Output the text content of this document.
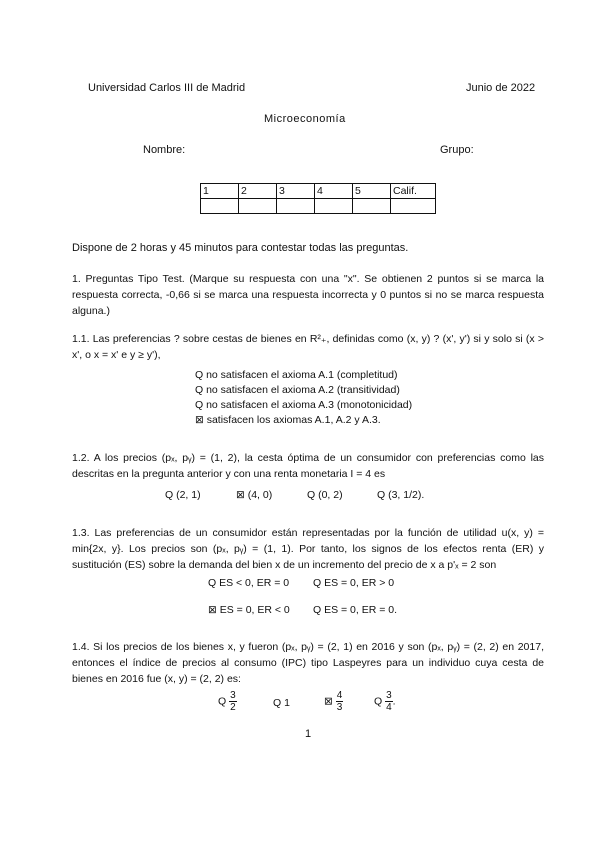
Universidad Carlos III de Madrid	Junio de 2022
Microeconomía
Nombre:	Grupo:
1	2	3	4	5	Calif.

Dispone de 2 horas y 45 minutos para contestar todas las preguntas.
1. Preguntas Tipo Test. (Marque su respuesta con una "x". Se obtienen 2 puntos si se marca la respuesta correcta, -0,66 si se marca una respuesta incorrecta y 0 puntos si no se marca respuesta alguna.)
1.1. Las preferencias ? sobre cestas de bienes en R²₊, definidas como (x, y) ? (x', y') si y solo si (x > x', o x = x' e y ≥ y'),
Q no satisfacen el axioma A.1 (completitud)
Q no satisfacen el axioma A.2 (transitividad)
Q no satisfacen el axioma A.3 (monotonicidad)
⊠ satisfacen los axiomas A.1, A.2 y A.3.
1.2. A los precios (pₓ, pᵧ) = (1, 2), la cesta óptima de un consumidor con preferencias como las descritas en la pregunta anterior y con una renta monetaria I = 4 es
Q (2, 1)	⊠ (4, 0)	Q (0, 2)	Q (3, 1/2).
1.3. Las preferencias de un consumidor están representadas por la función de utilidad u(x, y) = min{2x, y}. Los precios son (pₓ, pᵧ) = (1, 1). Por tanto, los signos de los efectos renta (ER) y sustitución (ES) sobre la demanda del bien x de un incremento del precio de x a p'ₓ = 2 son
Q ES < 0, ER = 0 Q ES = 0, ER > 0
⊠ ES = 0, ER < 0 Q ES = 0, ER = 0.
1.4. Si los precios de los bienes x, y fueron (pₓ, pᵧ) = (2, 1) en 2016 y son (pₓ, pᵧ) = (2, 2) en 2017, entonces el índice de precios al consumo (IPC) tipo Laspeyres para un individuo cuya cesta de bienes en 2016 fue (x, y) = (2, 2) es:
Q $\frac{3}{2}$	Q 1	⊠ $\frac{4}{3}$	Q $\frac{3}{4}$ .
1
